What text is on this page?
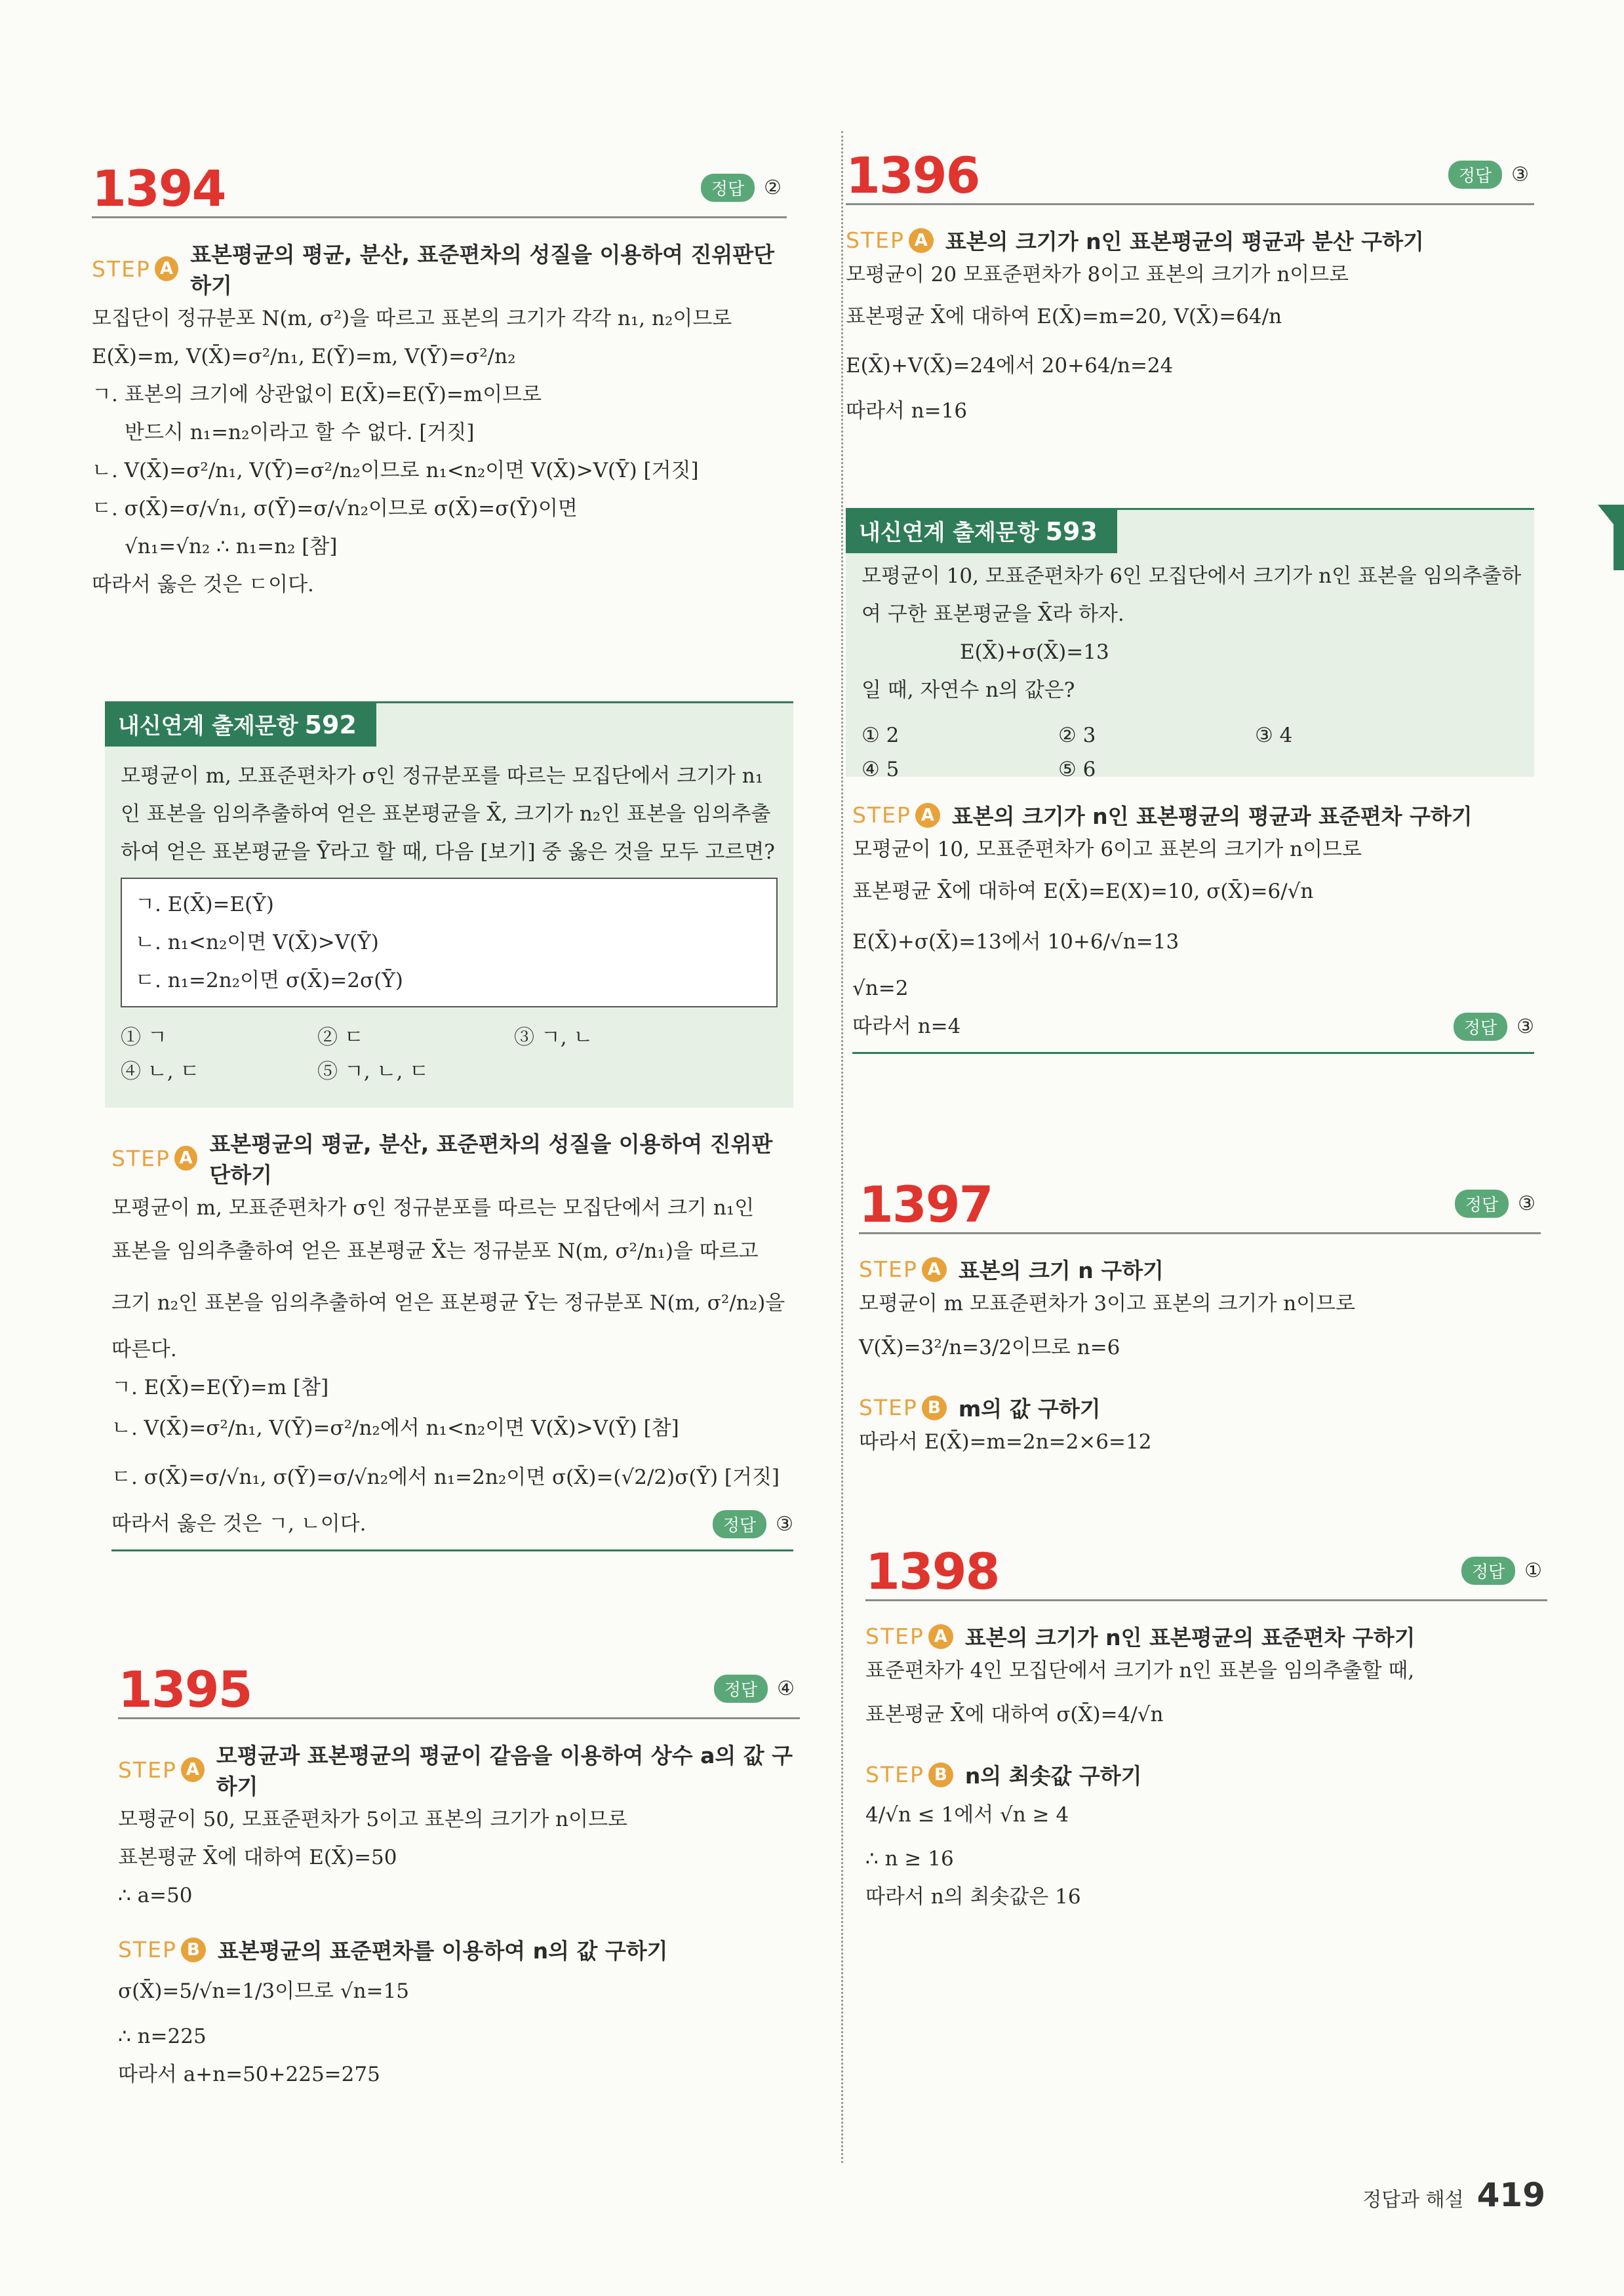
1394	정답	②
STEP A
표본평균의 평균, 분산, 표준편차의 성질을 이용하여 진위판단하기
모집단이 정규분포 N(m, σ²)을 따르고 표본의 크기가 각각 n₁, n₂이므로
E(X̄)=m, V(X̄)=σ²/n₁, E(Ȳ)=m, V(Ȳ)=σ²/n₂
ㄱ. 표본의 크기에 상관없이 E(X̄)=E(Ȳ)=m이므로
반드시 n₁=n₂이라고 할 수 없다. [거짓]
ㄴ. V(X̄)=σ²/n₁, V(Ȳ)=σ²/n₂이므로 n₁<n₂이면 V(X̄)>V(Ȳ) [거짓]
ㄷ. σ(X̄)=σ/√n₁, σ(Ȳ)=σ/√n₂이므로 σ(X̄)=σ(Ȳ)이면
√n₁=√n₂ ∴ n₁=n₂ [참]
따라서 옳은 것은 ㄷ이다.
내신연계 출제문항 592
모평균이 m, 모표준편차가 σ인 정규분포를 따르는 모집단에서 크기가 n₁
인 표본을 임의추출하여 얻은 표본평균을 X̄, 크기가 n₂인 표본을 임의추출
하여 얻은 표본평균을 Ȳ라고 할 때, 다음 [보기] 중 옳은 것을 모두 고르면?
ㄱ. E(X̄)=E(Ȳ)
ㄴ. n₁<n₂이면 V(X̄)>V(Ȳ)
ㄷ. n₁=2n₂이면 σ(X̄)=2σ(Ȳ)
① ㄱ	② ㄷ	③ ㄱ, ㄴ
④ ㄴ, ㄷ	⑤ ㄱ, ㄴ, ㄷ
STEP A
표본평균의 평균, 분산, 표준편차의 성질을 이용하여 진위판단하기
모평균이 m, 모표준편차가 σ인 정규분포를 따르는 모집단에서 크기 n₁인
표본을 임의추출하여 얻은 표본평균 X̄는 정규분포 N(m, σ²/n₁)을 따르고
크기 n₂인 표본을 임의추출하여 얻은 표본평균 Ȳ는 정규분포 N(m, σ²/n₂)을
따른다.
ㄱ. E(X̄)=E(Ȳ)=m [참]
ㄴ. V(X̄)=σ²/n₁, V(Ȳ)=σ²/n₂에서 n₁<n₂이면 V(X̄)>V(Ȳ) [참]
ㄷ. σ(X̄)=σ/√n₁, σ(Ȳ)=σ/√n₂에서 n₁=2n₂이면 σ(X̄)=(√2/2)σ(Ȳ) [거짓]
따라서 옳은 것은 ㄱ, ㄴ이다.	정답	③
1395	정답	④
STEP A
모평균과 표본평균의 평균이 같음을 이용하여 상수 a의 값 구하기
모평균이 50, 모표준편차가 5이고 표본의 크기가 n이므로
표본평균 X̄에 대하여 E(X̄)=50
∴ a=50
STEP B 표본평균의 표준편차를 이용하여 n의 값 구하기
σ(X̄)=5/√n=1/3이므로 √n=15
∴ n=225
따라서 a+n=50+225=275
1396	정답	③
STEP A 표본의 크기가 n인 표본평균의 평균과 분산 구하기
모평균이 20 모표준편차가 8이고 표본의 크기가 n이므로
표본평균 X̄에 대하여 E(X̄)=m=20, V(X̄)=64/n
E(X̄)+V(X̄)=24에서 20+64/n=24
따라서 n=16
내신연계 출제문항 593
모평균이 10, 모표준편차가 6인 모집단에서 크기가 n인 표본을 임의추출하
여 구한 표본평균을 X̄라 하자.
E(X̄)+σ(X̄)=13
일 때, 자연수 n의 값은?
① 2	② 3	③ 4
④ 5	⑤ 6
STEP A 표본의 크기가 n인 표본평균의 평균과 표준편차 구하기
모평균이 10, 모표준편차가 6이고 표본의 크기가 n이므로
표본평균 X̄에 대하여 E(X̄)=E(X)=10, σ(X̄)=6/√n
E(X̄)+σ(X̄)=13에서 10+6/√n=13
√n=2
따라서 n=4	정답	③
1397	정답	③
STEP A 표본의 크기 n 구하기
모평균이 m 모표준편차가 3이고 표본의 크기가 n이므로
V(X̄)=3²/n=3/2이므로 n=6
STEP B m의 값 구하기
따라서 E(X̄)=m=2n=2×6=12
1398	정답	①
STEP A 표본의 크기가 n인 표본평균의 표준편차 구하기
표준편차가 4인 모집단에서 크기가 n인 표본을 임의추출할 때,
표본평균 X̄에 대하여 σ(X̄)=4/√n
STEP B n의 최솟값 구하기
4/√n ≤ 1에서 √n ≥ 4
∴ n ≥ 16
따라서 n의 최솟값은 16
정답과 해설 419
